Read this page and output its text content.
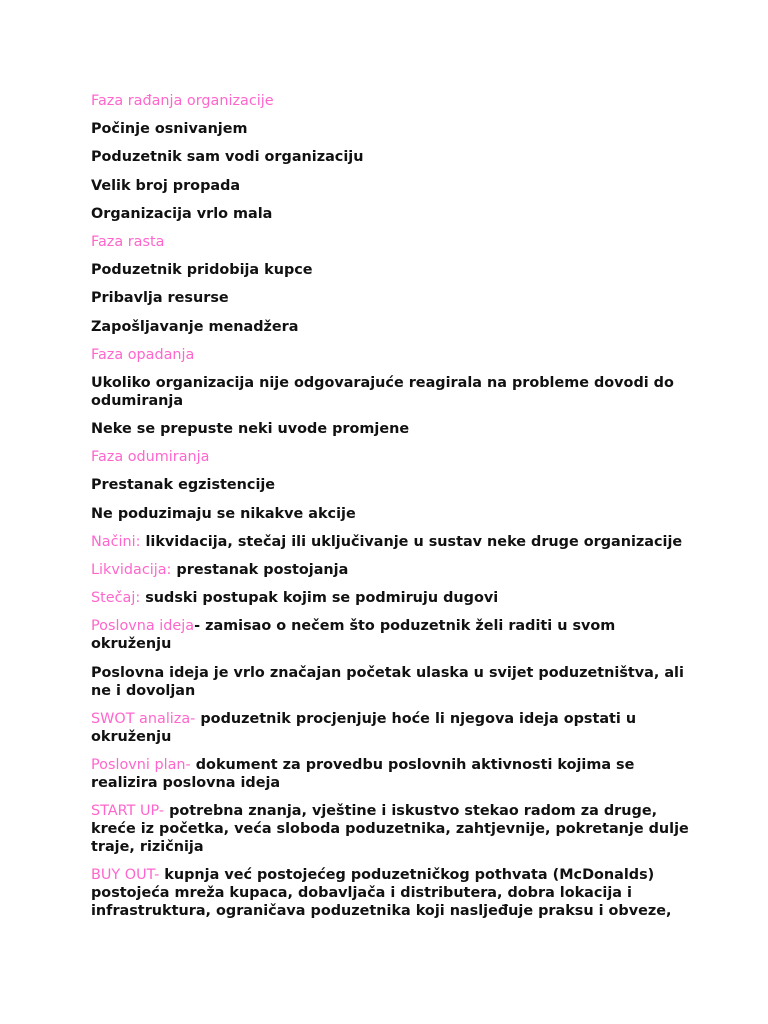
Faza rađanja organizacije

Počinje osnivanjem

Poduzetnik sam vodi organizaciju

Velik broj propada

Organizacija vrlo mala

Faza rasta

Poduzetnik pridobija kupce

Pribavlja resurse

Zapošljavanje menadžera

Faza opadanja

Ukoliko organizacija nije odgovarajuće reagirala na probleme dovodi do odumiranja

Neke se prepuste neki uvode promjene

Faza odumiranja

Prestanak egzistencije

Ne poduzimaju se nikakve akcije

Načini: likvidacija, stečaj ili uključivanje u sustav neke druge organizacije

Likvidacija: prestanak postojanja

Stečaj: sudski postupak kojim se podmiruju dugovi

Poslovna ideja- zamisao o nečem što poduzetnik želi raditi u svom okruženju

Poslovna ideja je vrlo značajan početak ulaska u svijet poduzetništva, ali ne i dovoljan

SWOT analiza- poduzetnik procjenjuje hoće li njegova ideja opstati u okruženju

Poslovni plan- dokument za provedbu poslovnih aktivnosti kojima se realizira poslovna ideja

START UP- potrebna znanja, vještine i iskustvo stekao radom za druge, kreće iz početka, veća sloboda poduzetnika, zahtjevnije, pokretanje dulje traje, rizičnija

BUY OUT- kupnja već postojećeg poduzetničkog pothvata (McDonalds) postojeća mreža kupaca, dobavljača i distributera, dobra lokacija i infrastruktura, ograničava poduzetnika koji nasljeđuje praksu i obveze,
